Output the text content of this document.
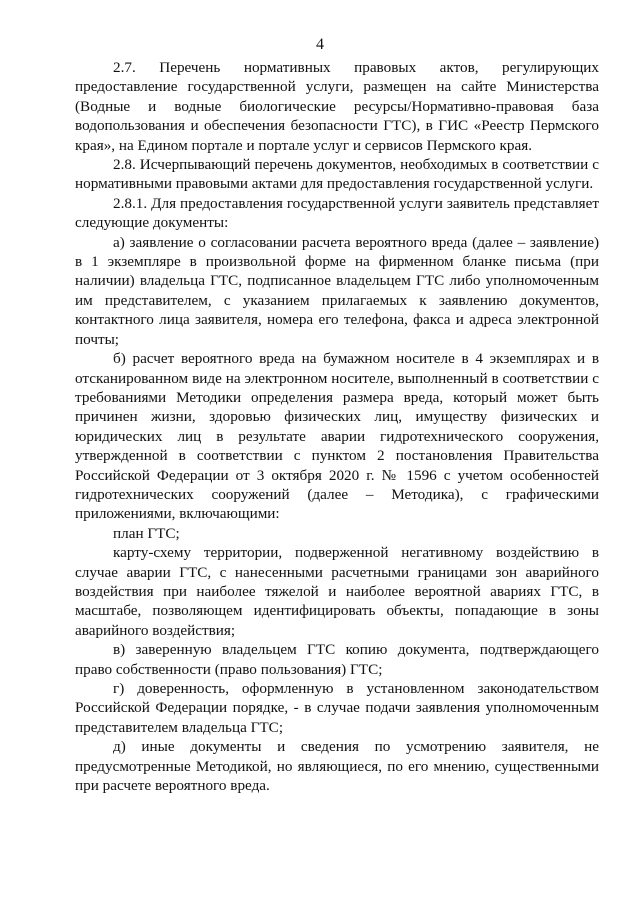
4

2.7. Перечень нормативных правовых актов, регулирующих предоставление государственной услуги, размещен на сайте Министерства (Водные и водные биологические ресурсы/Нормативно-правовая база водопользования и обеспечения безопасности ГТС), в ГИС «Реестр Пермского края», на Едином портале и портале услуг и сервисов Пермского края.

2.8. Исчерпывающий перечень документов, необходимых в соответствии с нормативными правовыми актами для предоставления государственной услуги.

2.8.1. Для предоставления государственной услуги заявитель представляет следующие документы:

а) заявление о согласовании расчета вероятного вреда (далее – заявление) в 1 экземпляре в произвольной форме на фирменном бланке письма (при наличии) владельца ГТС, подписанное владельцем ГТС либо уполномоченным им представителем, с указанием прилагаемых к заявлению документов, контактного лица заявителя, номера его телефона, факса и адреса электронной почты;

б) расчет вероятного вреда на бумажном носителе в 4 экземплярах и в отсканированном виде на электронном носителе, выполненный в соответствии с требованиями Методики определения размера вреда, который может быть причинен жизни, здоровью физических лиц, имуществу физических и юридических лиц в результате аварии гидротехнического сооружения, утвержденной в соответствии с пунктом 2 постановления Правительства Российской Федерации от 3 октября 2020 г. № 1596 с учетом особенностей гидротехнических сооружений (далее – Методика), с графическими приложениями, включающими:

план ГТС;

карту-схему территории, подверженной негативному воздействию в случае аварии ГТС, с нанесенными расчетными границами зон аварийного воздействия при наиболее тяжелой и наиболее вероятной авариях ГТС, в масштабе, позволяющем идентифицировать объекты, попадающие в зоны аварийного воздействия;

в) заверенную владельцем ГТС копию документа, подтверждающего право собственности (право пользования) ГТС;

г) доверенность, оформленную в установленном законодательством Российской Федерации порядке, - в случае подачи заявления уполномоченным представителем владельца ГТС;

д) иные документы и сведения по усмотрению заявителя, не предусмотренные Методикой, но являющиеся, по его мнению, существенными при расчете вероятного вреда.
